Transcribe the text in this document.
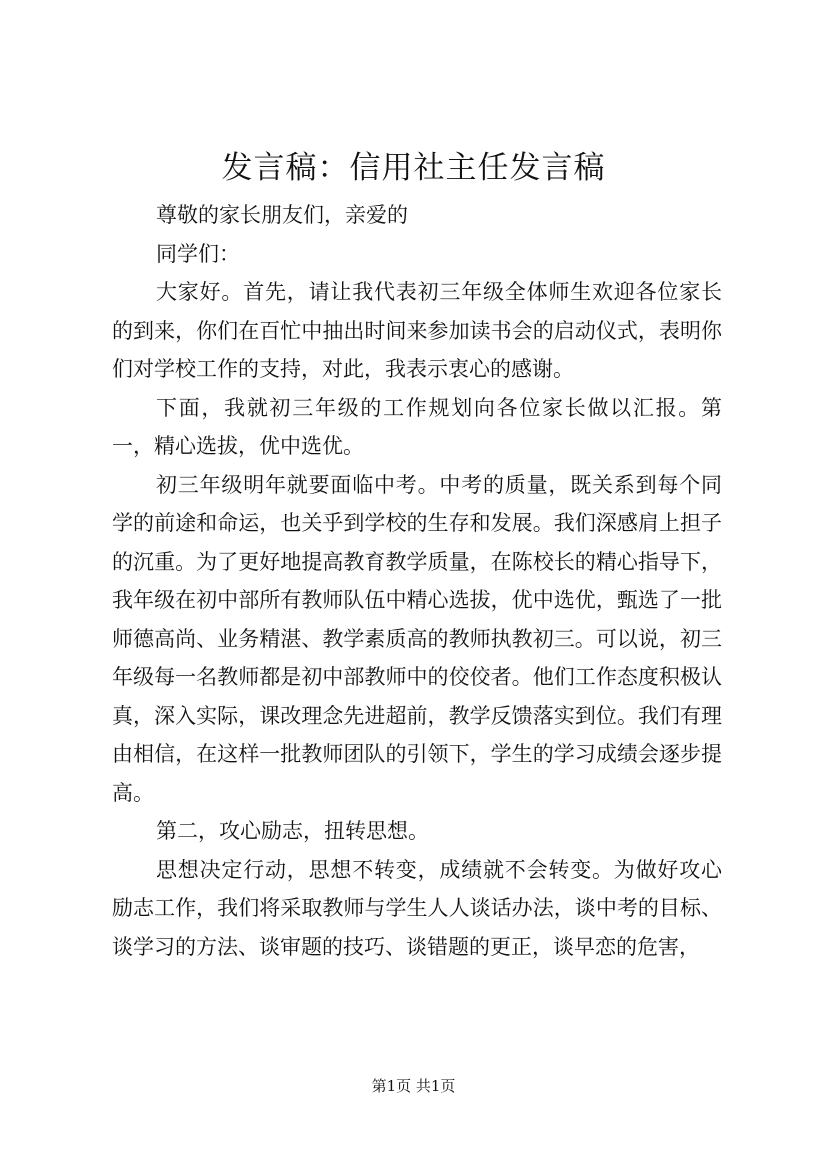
发言稿：信用社主任发言稿

尊敬的家长朋友们，亲爱的

同学们：

大家好。首先，请让我代表初三年级全体师生欢迎各位家长的到来，你们在百忙中抽出时间来参加读书会的启动仪式，表明你们对学校工作的支持，对此，我表示衷心的感谢。

下面，我就初三年级的工作规划向各位家长做以汇报。第一，精心选拔，优中选优。

初三年级明年就要面临中考。中考的质量，既关系到每个同学的前途和命运，也关乎到学校的生存和发展。我们深感肩上担子的沉重。为了更好地提高教育教学质量，在陈校长的精心指导下，我年级在初中部所有教师队伍中精心选拔，优中选优，甄选了一批师德高尚、业务精湛、教学素质高的教师执教初三。可以说，初三年级每一名教师都是初中部教师中的佼佼者。他们工作态度积极认真，深入实际，课改理念先进超前，教学反馈落实到位。我们有理由相信，在这样一批教师团队的引领下，学生的学习成绩会逐步提高。

第二，攻心励志，扭转思想。

思想决定行动，思想不转变，成绩就不会转变。为做好攻心励志工作，我们将采取教师与学生人人谈话办法，谈中考的目标、谈学习的方法、谈审题的技巧、谈错题的更正，谈早恋的危害，

第1页 共1页
